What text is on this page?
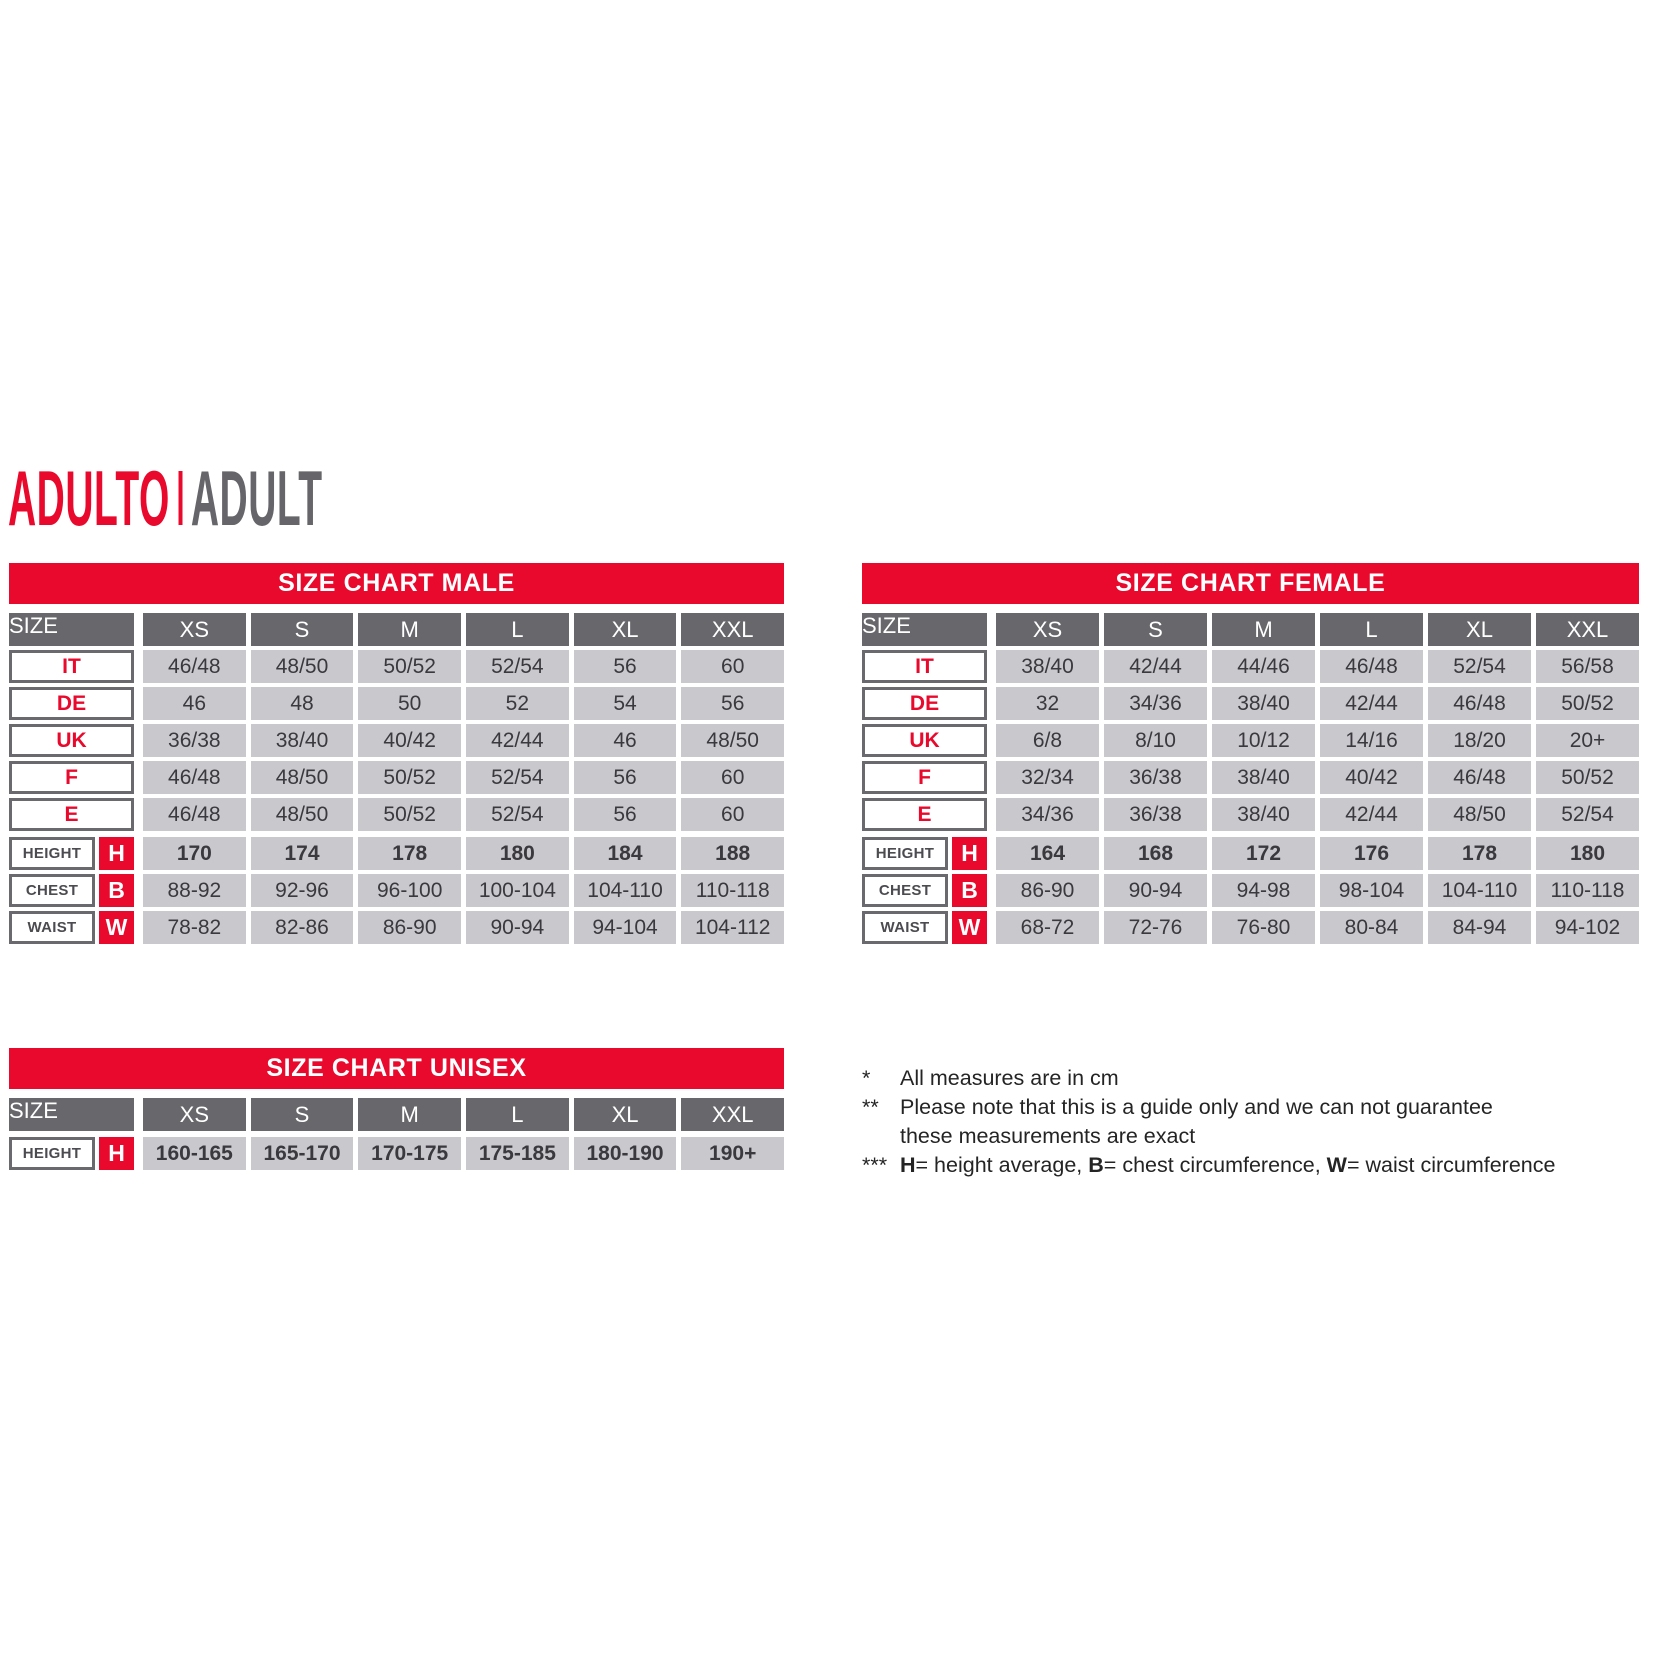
ADULTO ADULT
SIZE CHART MALE
SIZE	XS	S	M	L	XL	XXL
IT	46/48	48/50	50/52	52/54	56	60
DE	46	48	50	52	54	56
UK	36/38	38/40	40/42	42/44	46	48/50
F	46/48	48/50	50/52	52/54	56	60
E	46/48	48/50	50/52	52/54	56	60
HEIGHT	H	170	174	178	180	184	188
CHEST	B	88-92	92-96	96-100	100-104	104-110	110-118
WAIST	W	78-82	82-86	86-90	90-94	94-104	104-112
SIZE CHART FEMALE
SIZE	XS	S	M	L	XL	XXL
IT	38/40	42/44	44/46	46/48	52/54	56/58
DE	32	34/36	38/40	42/44	46/48	50/52
UK	6/8	8/10	10/12	14/16	18/20	20+
F	32/34	36/38	38/40	40/42	46/48	50/52
E	34/36	36/38	38/40	42/44	48/50	52/54
HEIGHT	H	164	168	172	176	178	180
CHEST	B	86-90	90-94	94-98	98-104	104-110	110-118
WAIST	W	68-72	72-76	76-80	80-84	84-94	94-102
SIZE CHART UNISEX
SIZE	XS	S	M	L	XL	XXL
HEIGHT	H	160-165	165-170	170-175	175-185	180-190	190+
*	All measures are in cm
** Please note that this is a guide only and we can not guarantee these measurements are exact
*** H= height average, B= chest circumference, W= waist circumference
